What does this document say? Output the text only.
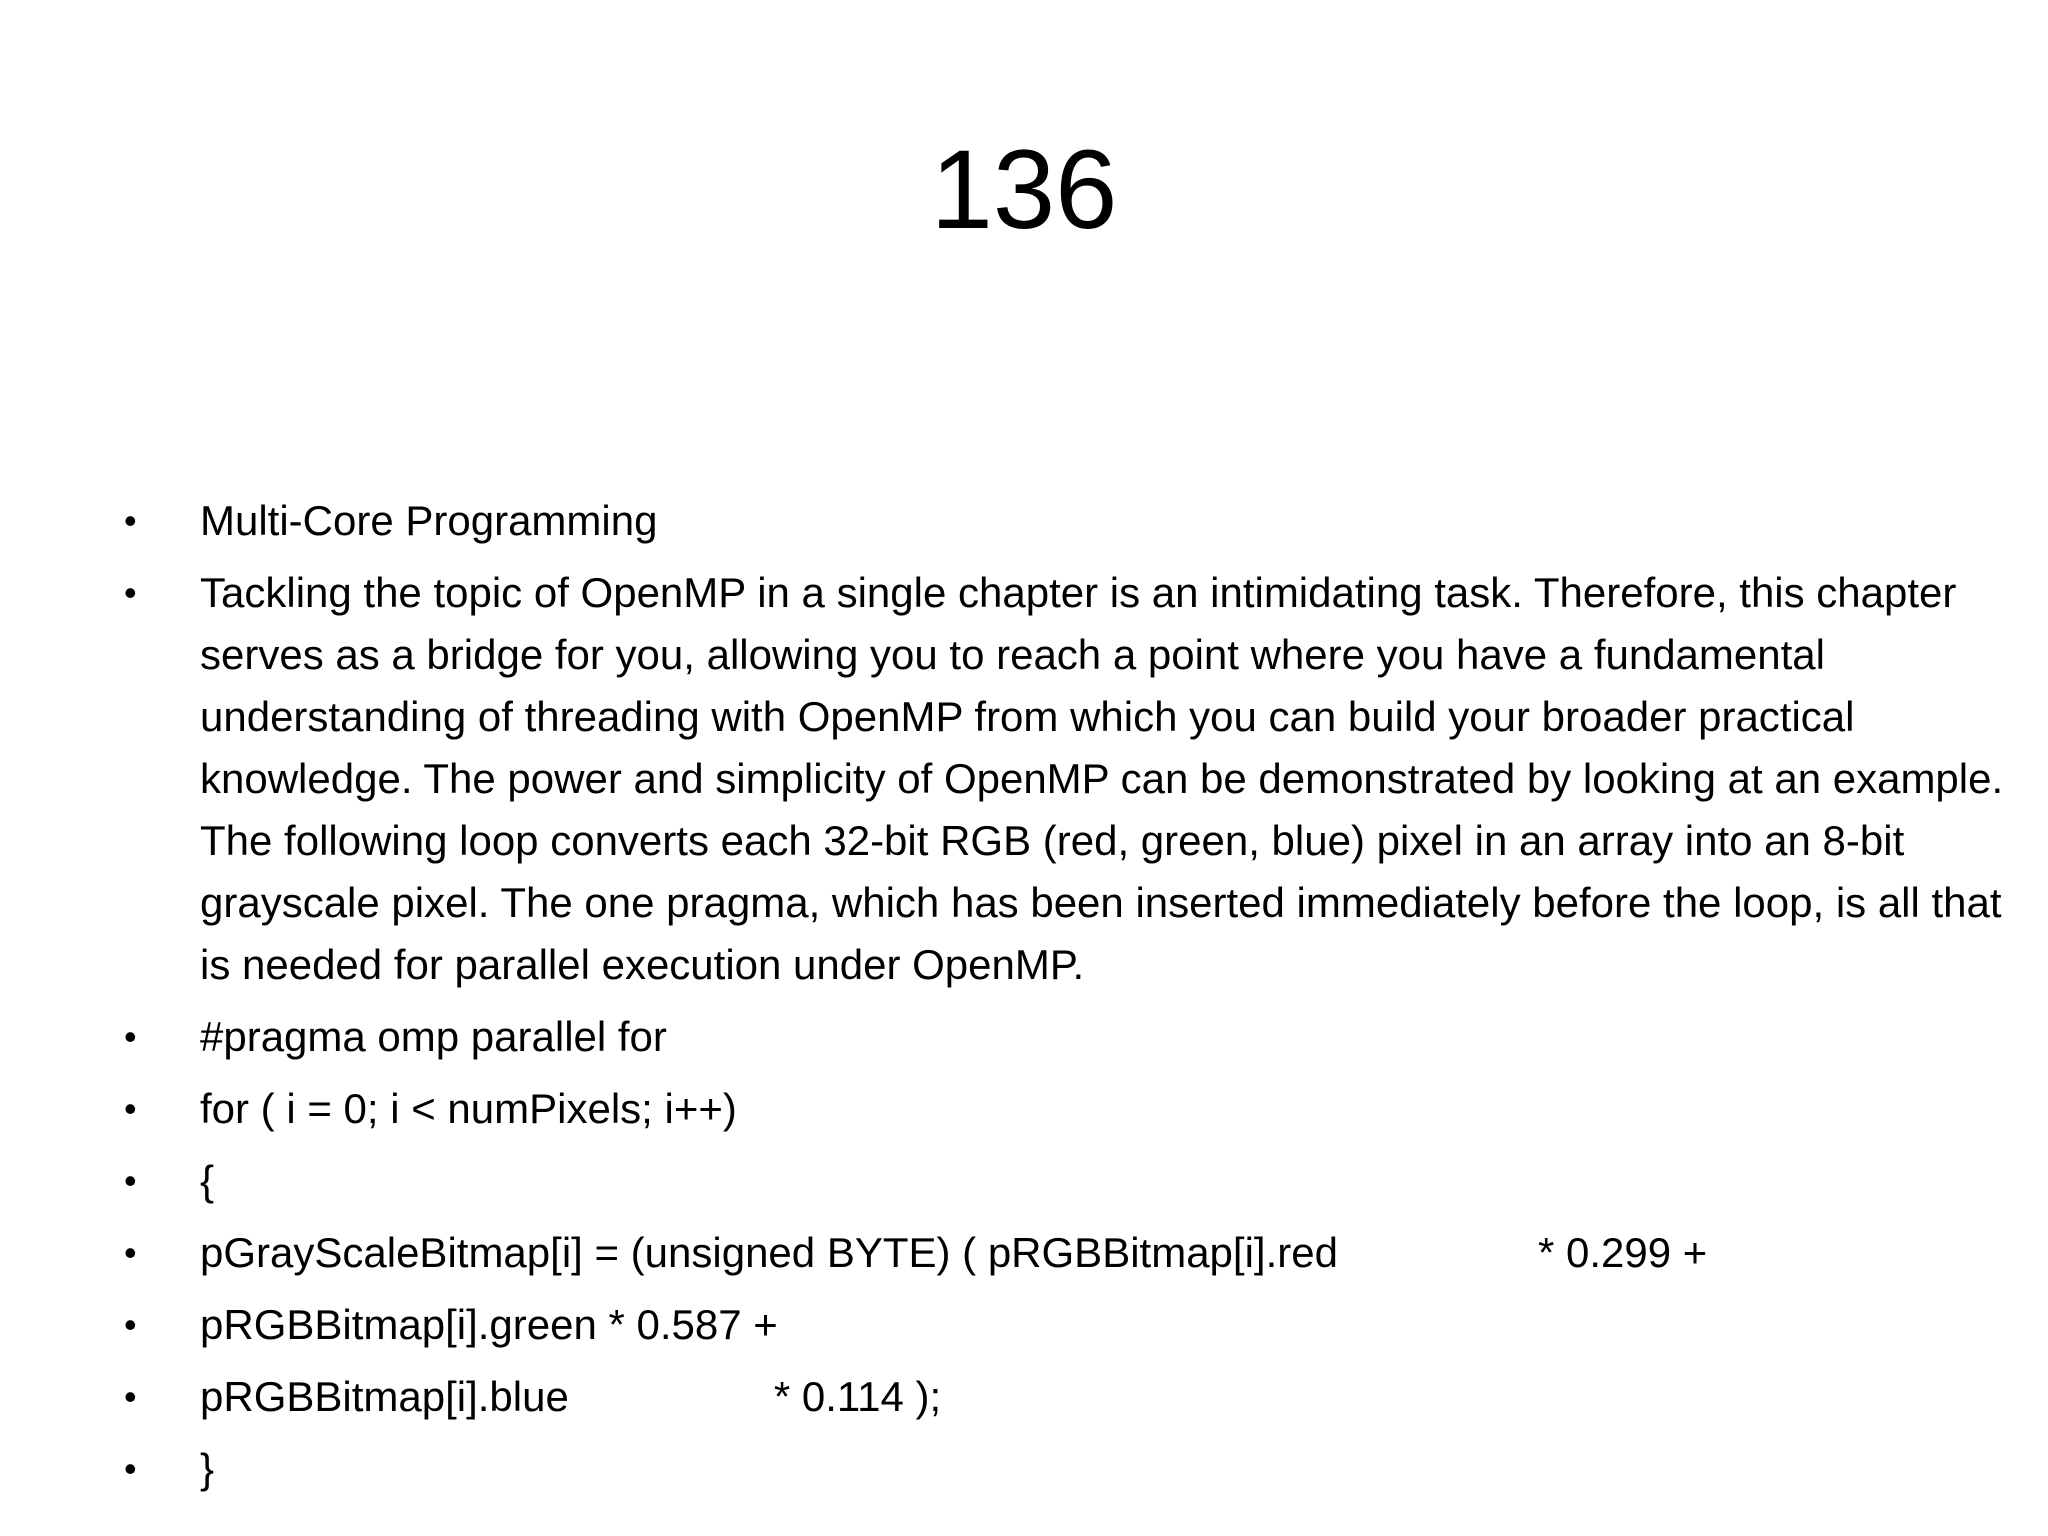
136
• Multi-Core Programming
• Tackling the topic of OpenMP in a single chapter is an intimidating task. Therefore, this chapter serves as a bridge for you, allowing you to reach a point where you have a fundamental understanding of threading with OpenMP from which you can build your broader practical knowledge. The power and simplicity of OpenMP can be demonstrated by looking at an example. The following loop converts each 32-bit RGB (red, green, blue) pixel in an array into an 8-bit grayscale pixel. The one pragma, which has been inserted immediately before the loop, is all that is needed for parallel execution under OpenMP.
• #pragma omp parallel for
• for ( i = 0; i < numPixels; i++)
• {
• pGrayScaleBitmap[i] = (unsigned BYTE) ( pRGBBitmap[i].red	* 0.299 +
• pRGBBitmap[i].green * 0.587 +
• pRGBBitmap[i].blue	* 0.114 );
• }
